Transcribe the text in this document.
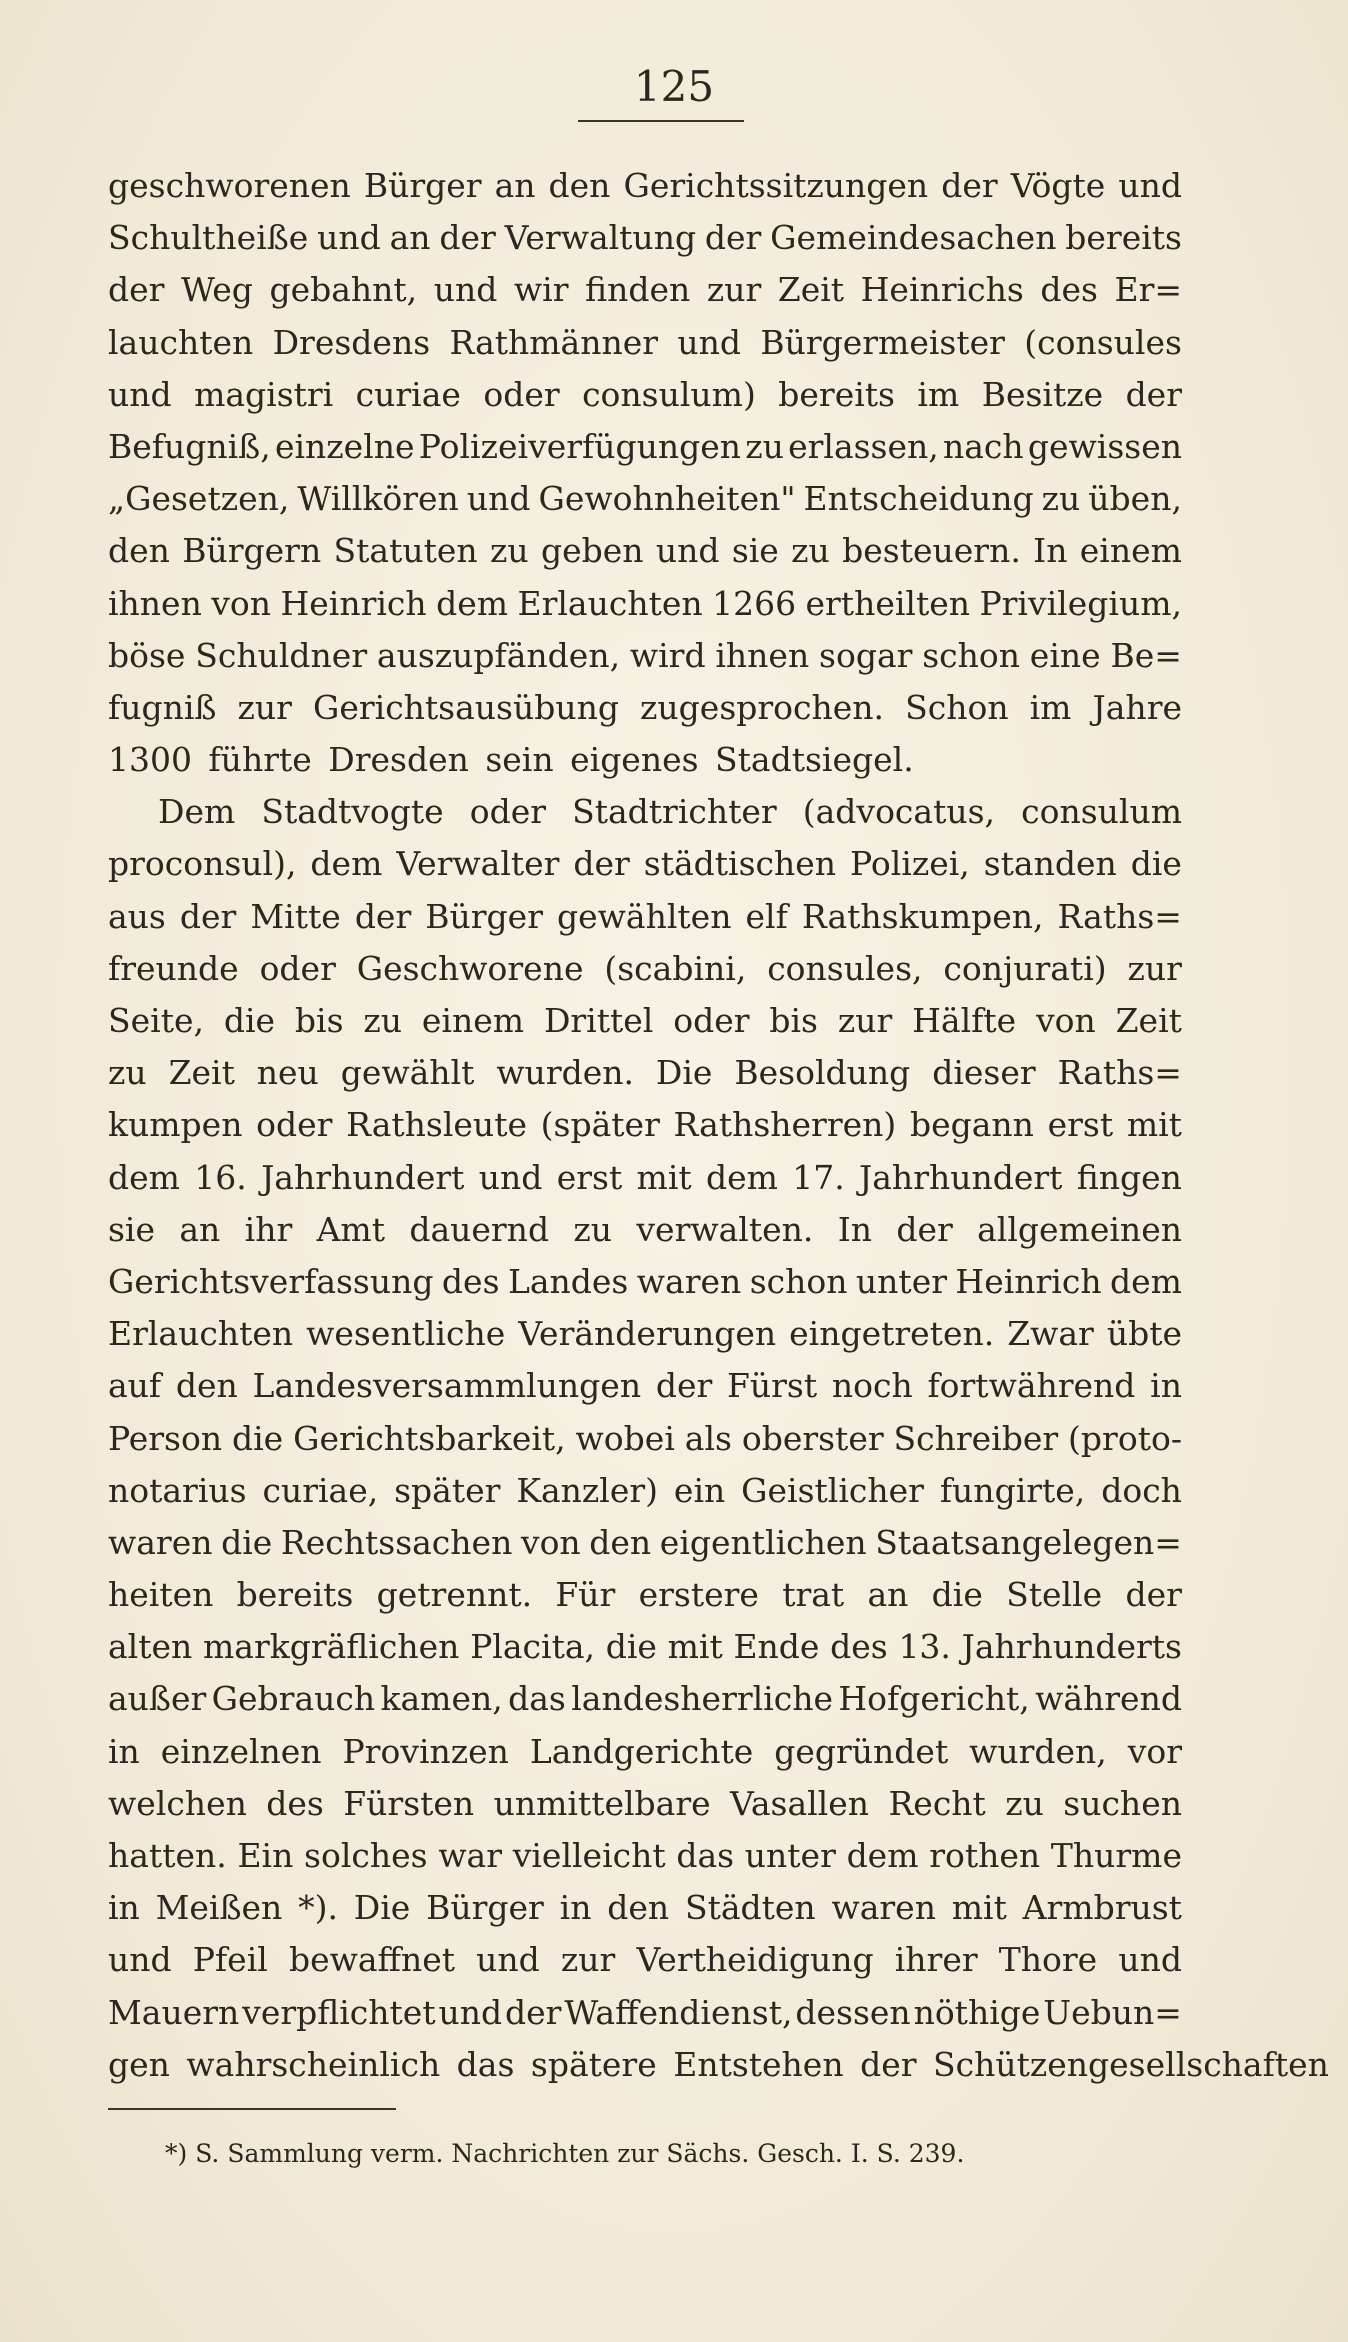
125
geschworenen Bürger an den Gerichtssitzungen der Vögte und
Schultheiße und an der Verwaltung der Gemeindesachen bereits
der Weg gebahnt, und wir finden zur Zeit Heinrichs des Er=
lauchten Dresdens Rathmänner und Bürgermeister (consules
und magistri curiae oder consulum) bereits im Besitze der
Befugniß, einzelne Polizeiverfügungen zu erlassen, nach gewissen
„Gesetzen, Willkören und Gewohnheiten" Entscheidung zu üben,
den Bürgern Statuten zu geben und sie zu besteuern. In einem
ihnen von Heinrich dem Erlauchten 1266 ertheilten Privilegium,
böse Schuldner auszupfänden, wird ihnen sogar schon eine Be=
fugniß zur Gerichtsausübung zugesprochen. Schon im Jahre
1300 führte Dresden sein eigenes Stadtsiegel.
Dem Stadtvogte oder Stadtrichter (advocatus, consulum
proconsul), dem Verwalter der städtischen Polizei, standen die
aus der Mitte der Bürger gewählten elf Rathskumpen, Raths=
freunde oder Geschworene (scabini, consules, conjurati) zur
Seite, die bis zu einem Drittel oder bis zur Hälfte von Zeit
zu Zeit neu gewählt wurden. Die Besoldung dieser Raths=
kumpen oder Rathsleute (später Rathsherren) begann erst mit
dem 16. Jahrhundert und erst mit dem 17. Jahrhundert fingen
sie an ihr Amt dauernd zu verwalten. In der allgemeinen
Gerichtsverfassung des Landes waren schon unter Heinrich dem
Erlauchten wesentliche Veränderungen eingetreten. Zwar übte
auf den Landesversammlungen der Fürst noch fortwährend in
Person die Gerichtsbarkeit, wobei als oberster Schreiber (proto-
notarius curiae, später Kanzler) ein Geistlicher fungirte, doch
waren die Rechtssachen von den eigentlichen Staatsangelegen=
heiten bereits getrennt. Für erstere trat an die Stelle der
alten markgräflichen Placita, die mit Ende des 13. Jahrhunderts
außer Gebrauch kamen, das landesherrliche Hofgericht, während
in einzelnen Provinzen Landgerichte gegründet wurden, vor
welchen des Fürsten unmittelbare Vasallen Recht zu suchen
hatten. Ein solches war vielleicht das unter dem rothen Thurme
in Meißen *). Die Bürger in den Städten waren mit Armbrust
und Pfeil bewaffnet und zur Vertheidigung ihrer Thore und
Mauern verpflichtet und der Waffendienst, dessen nöthige Uebun=
gen wahrscheinlich das spätere Entstehen der Schützengesellschaften
*) S. Sammlung verm. Nachrichten zur Sächs. Gesch. I. S. 239.
